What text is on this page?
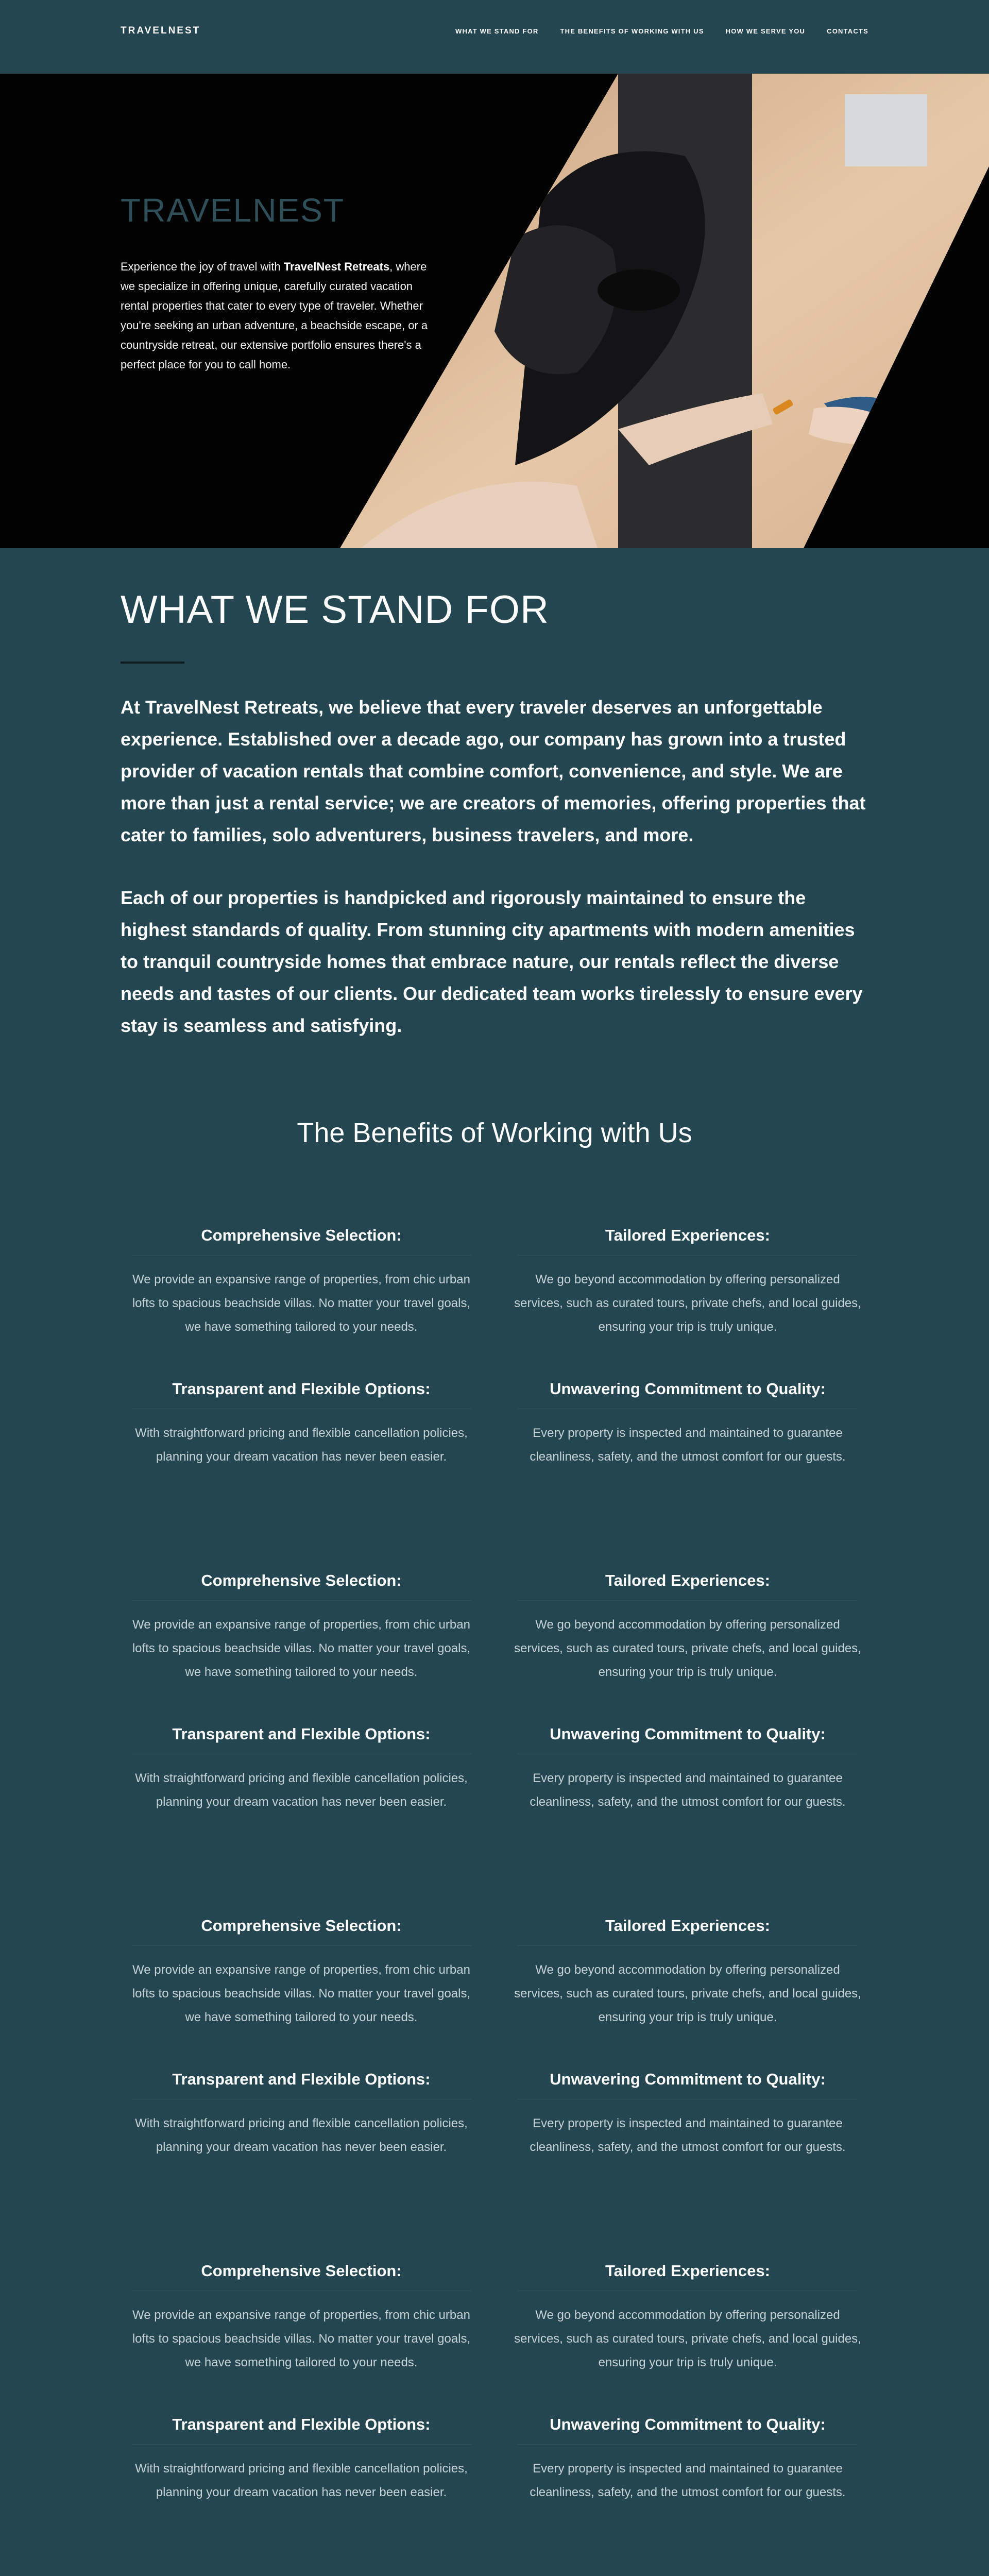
TRAVELNEST	WHAT WE STAND FOR	THE BENEFITS OF WORKING WITH US	HOW WE SERVE YOU	CONTACTS
TRAVELNEST

Experience the joy of travel with TravelNest Retreats, where we specialize in offering unique, carefully curated vacation rental properties that cater to every type of traveler. Whether you're seeking an urban adventure, a beachside escape, or a countryside retreat, our extensive portfolio ensures there's a perfect place for you to call home.

WHAT WE STAND FOR

At TravelNest Retreats, we believe that every traveler deserves an unforgettable experience. Established over a decade ago, our company has grown into a trusted provider of vacation rentals that combine comfort, convenience, and style. We are more than just a rental service; we are creators of memories, offering properties that cater to families, solo adventurers, business travelers, and more.

Each of our properties is handpicked and rigorously maintained to ensure the highest standards of quality. From stunning city apartments with modern amenities to tranquil countryside homes that embrace nature, our rentals reflect the diverse needs and tastes of our clients. Our dedicated team works tirelessly to ensure every stay is seamless and satisfying.

The Benefits of Working with Us
Comprehensive Selection:

We provide an expansive range of properties, from chic urban lofts to spacious beachside villas. No matter your travel goals, we have something tailored to your needs.

Tailored Experiences:

We go beyond accommodation by offering personalized services, such as curated tours, private chefs, and local guides, ensuring your trip is truly unique.

Transparent and Flexible Options:

With straightforward pricing and flexible cancellation policies, planning your dream vacation has never been easier.

Unwavering Commitment to Quality:

Every property is inspected and maintained to guarantee cleanliness, safety, and the utmost comfort for our guests.

Comprehensive Selection:

We provide an expansive range of properties, from chic urban lofts to spacious beachside villas. No matter your travel goals, we have something tailored to your needs.

Tailored Experiences:

We go beyond accommodation by offering personalized services, such as curated tours, private chefs, and local guides, ensuring your trip is truly unique.

Transparent and Flexible Options:

With straightforward pricing and flexible cancellation policies, planning your dream vacation has never been easier.

Unwavering Commitment to Quality:

Every property is inspected and maintained to guarantee cleanliness, safety, and the utmost comfort for our guests.

Comprehensive Selection:

We provide an expansive range of properties, from chic urban lofts to spacious beachside villas. No matter your travel goals, we have something tailored to your needs.

Tailored Experiences:

We go beyond accommodation by offering personalized services, such as curated tours, private chefs, and local guides, ensuring your trip is truly unique.

Transparent and Flexible Options:

With straightforward pricing and flexible cancellation policies, planning your dream vacation has never been easier.

Unwavering Commitment to Quality:

Every property is inspected and maintained to guarantee cleanliness, safety, and the utmost comfort for our guests.

Comprehensive Selection:

We provide an expansive range of properties, from chic urban lofts to spacious beachside villas. No matter your travel goals, we have something tailored to your needs.

Tailored Experiences:

We go beyond accommodation by offering personalized services, such as curated tours, private chefs, and local guides, ensuring your trip is truly unique.

Transparent and Flexible Options:

With straightforward pricing and flexible cancellation policies, planning your dream vacation has never been easier.

Unwavering Commitment to Quality:

Every property is inspected and maintained to guarantee cleanliness, safety, and the utmost comfort for our guests.
